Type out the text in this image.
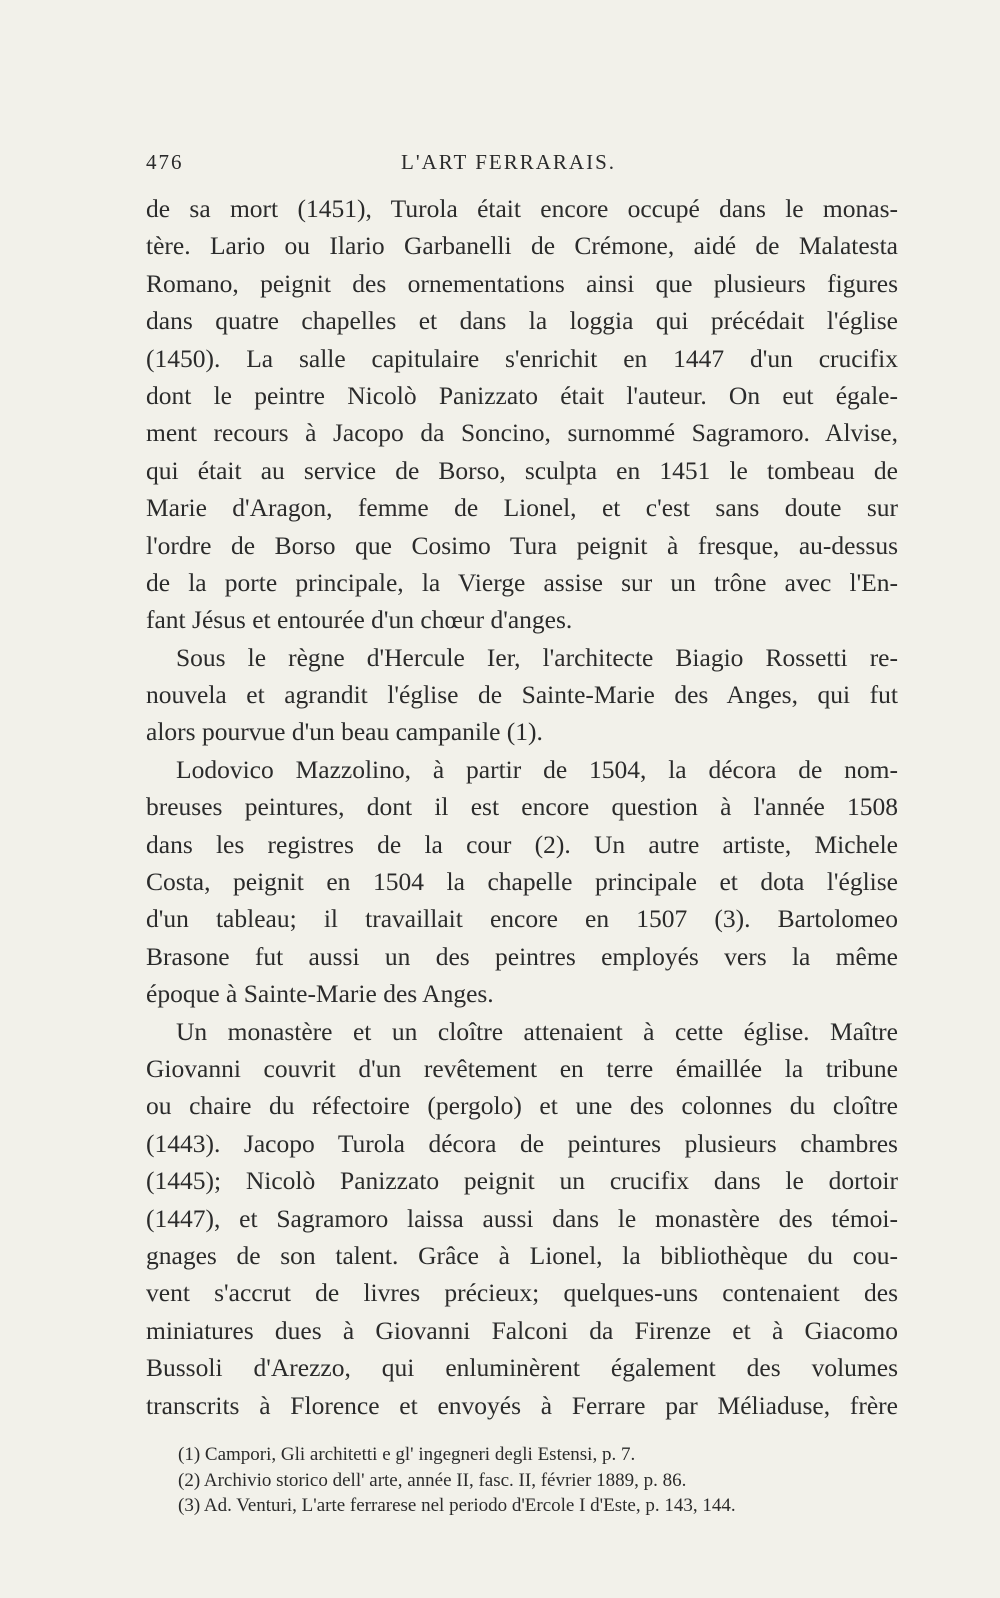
476	L'ART FERRARAIS.
de sa mort (1451), Turola était encore occupé dans le monas-
tère. Lario ou Ilario Garbanelli de Crémone, aidé de Malatesta
Romano, peignit des ornementations ainsi que plusieurs figures
dans quatre chapelles et dans la loggia qui précédait l'église
(1450). La salle capitulaire s'enrichit en 1447 d'un crucifix
dont le peintre Nicolò Panizzato était l'auteur. On eut égale-
ment recours à Jacopo da Soncino, surnommé Sagramoro. Alvise,
qui était au service de Borso, sculpta en 1451 le tombeau de
Marie d'Aragon, femme de Lionel, et c'est sans doute sur
l'ordre de Borso que Cosimo Tura peignit à fresque, au-dessus
de la porte principale, la Vierge assise sur un trône avec l'En-
fant Jésus et entourée d'un chœur d'anges.
Sous le règne d'Hercule Ier, l'architecte Biagio Rossetti re-
nouvela et agrandit l'église de Sainte-Marie des Anges, qui fut
alors pourvue d'un beau campanile (1).
Lodovico Mazzolino, à partir de 1504, la décora de nom-
breuses peintures, dont il est encore question à l'année 1508
dans les registres de la cour (2). Un autre artiste, Michele
Costa, peignit en 1504 la chapelle principale et dota l'église
d'un tableau; il travaillait encore en 1507 (3). Bartolomeo
Brasone fut aussi un des peintres employés vers la même
époque à Sainte-Marie des Anges.
Un monastère et un cloître attenaient à cette église. Maître
Giovanni couvrit d'un revêtement en terre émaillée la tribune
ou chaire du réfectoire (pergolo) et une des colonnes du cloître
(1443). Jacopo Turola décora de peintures plusieurs chambres
(1445); Nicolò Panizzato peignit un crucifix dans le dortoir
(1447), et Sagramoro laissa aussi dans le monastère des témoi-
gnages de son talent. Grâce à Lionel, la bibliothèque du cou-
vent s'accrut de livres précieux; quelques-uns contenaient des
miniatures dues à Giovanni Falconi da Firenze et à Giacomo
Bussoli d'Arezzo, qui enluminèrent également des volumes
transcrits à Florence et envoyés à Ferrare par Méliaduse, frère
(1) Campori, Gli architetti e gl' ingegneri degli Estensi, p. 7.
(2) Archivio storico dell' arte, année II, fasc. II, février 1889, p. 86.
(3) Ad. Venturi, L'arte ferrarese nel periodo d'Ercole I d'Este, p. 143, 144.
